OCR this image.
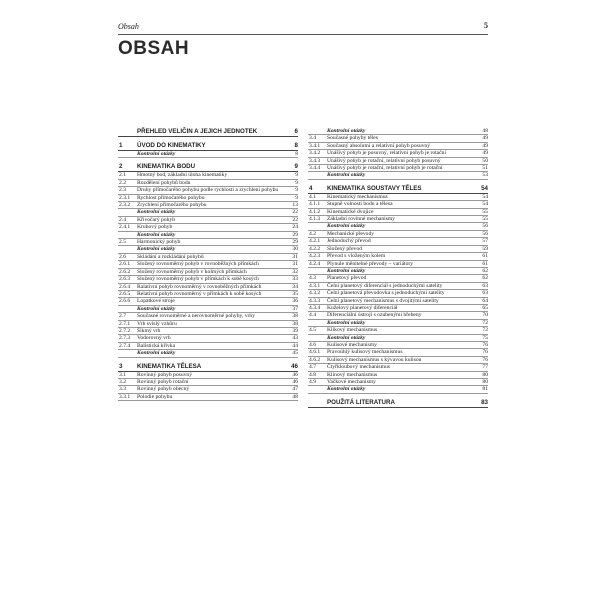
Obsah	5
OBSAH
PŘEHLED VELIČIN A JEJICH JEDNOTEK	6
1	ÚVOD DO KINEMATIKY	8
Kontrolní otázky	8
2	KINEMATIKA BODU	9
2.1	Hmotný bod, základní úloha kinematiky	9
2.2	Rozdělení pohybů bodu	9
2.3	Druhy přímočarého pohybu podle rychlosti a zrychlení pohybu	9
2.3.1	Rychlost přímočarého pohybu	9
2.3.2	Zrychlení přímočarého pohybu	13
Kontrolní otázky	22
2.4	Křivočarý pohyb	22
2.4.1	Kruhový pohyb	24
Kontrolní otázky	29
2.5	Harmonický pohyb	29
Kontrolní otázky	30
2.6	Skládání a rozkládání pohybů	31
2.6.1	Složený rovnoměrný pohyb v rovnoběžných přímkách	31
2.6.2	Složený rovnoměrný pohyb v kolmých přímkách	32
2.6.3	Složený rovnoměrný pohyb v přímkách k sobě kosých	33
2.6.4	Ralativní pohyb rovnoměrný v rovnoběžných přímkách	34
2.6.5	Relativní pohyb rovnoměrný v přímkách k sobě kosých	35
2.6.6	Lopatkové stroje	36
Kontrolní otázky	37
2.7	Současné rovnoměrné a nerovnoměrné pohyby, vrhy	38
2.7.1	Vrh svislý vzhůru	38
2.7.2	Šikmý vrh	39
2.7.3	Vodorovný vrh	43
2.7.4	Balistická křivka	44
Kontrolní otázky	45
3	KINEMATIKA TĚLESA	46
3.1	Rovinný pohyb posuvný	46
3.2	Rovinný pohyb rotační	46
3.3	Rovinný pohyb obecný	47
3.3.1	Polodie pohybu	48
Kontrolní otázky	48
3.4	Současné pohyby těles	49
3.4.1	Současný absolutní a relativní pohyb posuvný	49
3.4.2	Unášivý pohyb je posuvný, relativní pohyb je rotační	49
3.4.3	Unášivý pohyb je rotační, relativní pohyb posuvný	50
3.4.4	Unášivý pohyb je rotační, relativní pohyb je rotační	51
Kontrolní otázky	53
4	KINEMATIKA SOUSTAVY TĚLES	54
4.1	Kinematický mechanismus	54
4.1.1	Stupně volnosti bodu a tělesa	54
4.1.2	Kinematické dvojice	55
4.1.3	Základní rovinné mechanismy	55
Kontrolní otázky	56
4.2	Mechanické převody	56
4.2.1	Jednoduchý převod	57
4.2.2	Složený převod	59
4.2.3	Převod s vloženým kolem	61
4.2.4	Plynule měnitelné převody – variátory	61
Kontrolní otázky	62
4.3	Planetový převod	62
4.3.1	Čelní planetový diferenciál s jednoduchými satelity	63
4.3.2	Čelní planetová převodovka s jednoduchými satelity	63
4.3.3	Čelní planetový mechanismus s dvojitými satelity	64
4.3.4	Kuželový planetový diferenciál	65
4.4	Diferenciální ústrojí s ozubenými hřebeny	70
Kontrolní otázky	72
4.5	Klikový mechanismus	72
Kontrolní otázky	75
4.6	Kulisové mechanismy	76
4.6.1	Pravoúhlý kulisový mechanismus	76
4.6.2	Kulisový mechanismus s kývavou kulisou	76
4.7	Čtyřkloubový mechanismus	77
4.8	Klínový mechanismus	80
4.9	Vačkové mechanismy	80
Kontrolní otázky	81
POUŽITÁ LITERATURA	83
